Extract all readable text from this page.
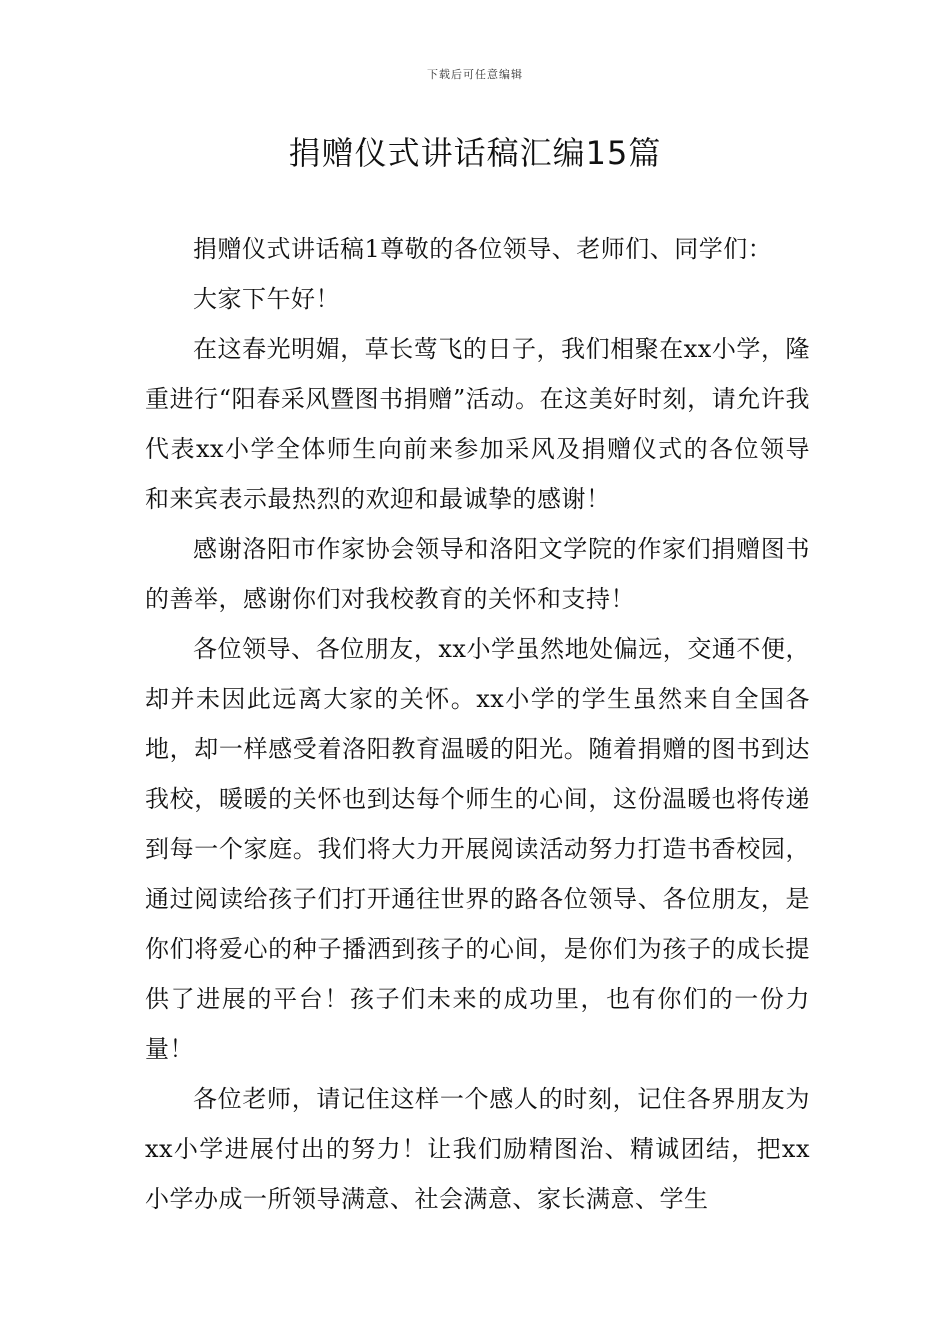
下载后可任意编辑
捐赠仪式讲话稿汇编15篇

捐赠仪式讲话稿1尊敬的各位领导、老师们、同学们：

大家下午好！

在这春光明媚，草长莺飞的日子，我们相聚在xx小学，隆重进行“阳春采风暨图书捐赠”活动。在这美好时刻，请允许我代表xx小学全体师生向前来参加采风及捐赠仪式的各位领导和来宾表示最热烈的欢迎和最诚挚的感谢！

感谢洛阳市作家协会领导和洛阳文学院的作家们捐赠图书的善举，感谢你们对我校教育的关怀和支持！

各位领导、各位朋友，xx小学虽然地处偏远，交通不便，却并未因此远离大家的关怀。xx小学的学生虽然来自全国各地，却一样感受着洛阳教育温暖的阳光。随着捐赠的图书到达我校，暖暖的关怀也到达每个师生的心间，这份温暖也将传递到每一个家庭。我们将大力开展阅读活动努力打造书香校园，通过阅读给孩子们打开通往世界的路各位领导、各位朋友，是你们将爱心的种子播洒到孩子的心间，是你们为孩子的成长提供了进展的平台！孩子们未来的成功里，也有你们的一份力量！

各位老师，请记住这样一个感人的时刻，记住各界朋友为xx小学进展付出的努力！让我们励精图治、精诚团结，把xx小学办成一所领导满意、社会满意、家长满意、学生
